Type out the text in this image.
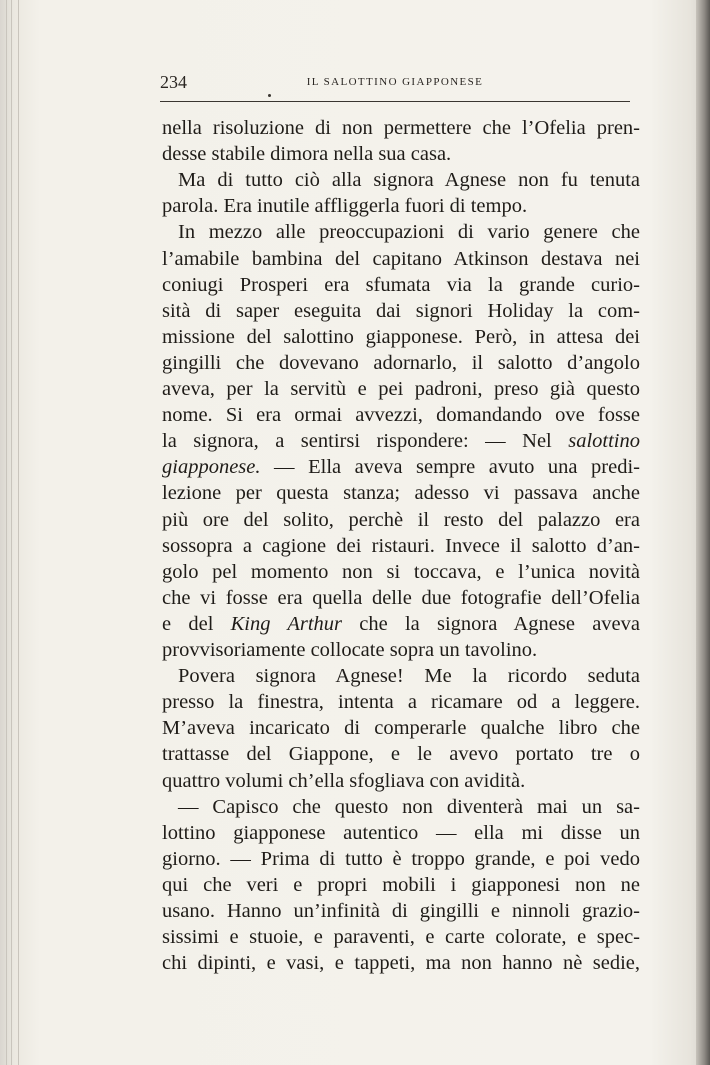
234	IL SALOTTINO GIAPPONESE
nella risoluzione di non permettere che l’Ofelia pren-
desse stabile dimora nella sua casa.
Ma di tutto ciò alla signora Agnese non fu tenuta
parola. Era inutile affliggerla fuori di tempo.
In mezzo alle preoccupazioni di vario genere che
l’amabile bambina del capitano Atkinson destava nei
coniugi Prosperi era sfumata via la grande curio-
sità di saper eseguita dai signori Holiday la com-
missione del salottino giapponese. Però, in attesa dei
gingilli che dovevano adornarlo, il salotto d’angolo
aveva, per la servitù e pei padroni, preso già questo
nome. Si era ormai avvezzi, domandando ove fosse
la signora, a sentirsi rispondere: — Nel salottino
giapponese. — Ella aveva sempre avuto una predi-
lezione per questa stanza; adesso vi passava anche
più ore del solito, perchè il resto del palazzo era
sossopra a cagione dei ristauri. Invece il salotto d’an-
golo pel momento non si toccava, e l’unica novità
che vi fosse era quella delle due fotografie dell’Ofelia
e del King Arthur che la signora Agnese aveva
provvisoriamente collocate sopra un tavolino.
Povera signora Agnese! Me la ricordo seduta
presso la finestra, intenta a ricamare od a leggere.
M’aveva incaricato di comperarle qualche libro che
trattasse del Giappone, e le avevo portato tre o
quattro volumi ch’ella sfogliava con avidità.
— Capisco che questo non diventerà mai un sa-
lottino giapponese autentico — ella mi disse un
giorno. — Prima di tutto è troppo grande, e poi vedo
qui che veri e propri mobili i giapponesi non ne
usano. Hanno un’infinità di gingilli e ninnoli grazio-
sissimi e stuoie, e paraventi, e carte colorate, e spec-
chi dipinti, e vasi, e tappeti, ma non hanno nè sedie,
